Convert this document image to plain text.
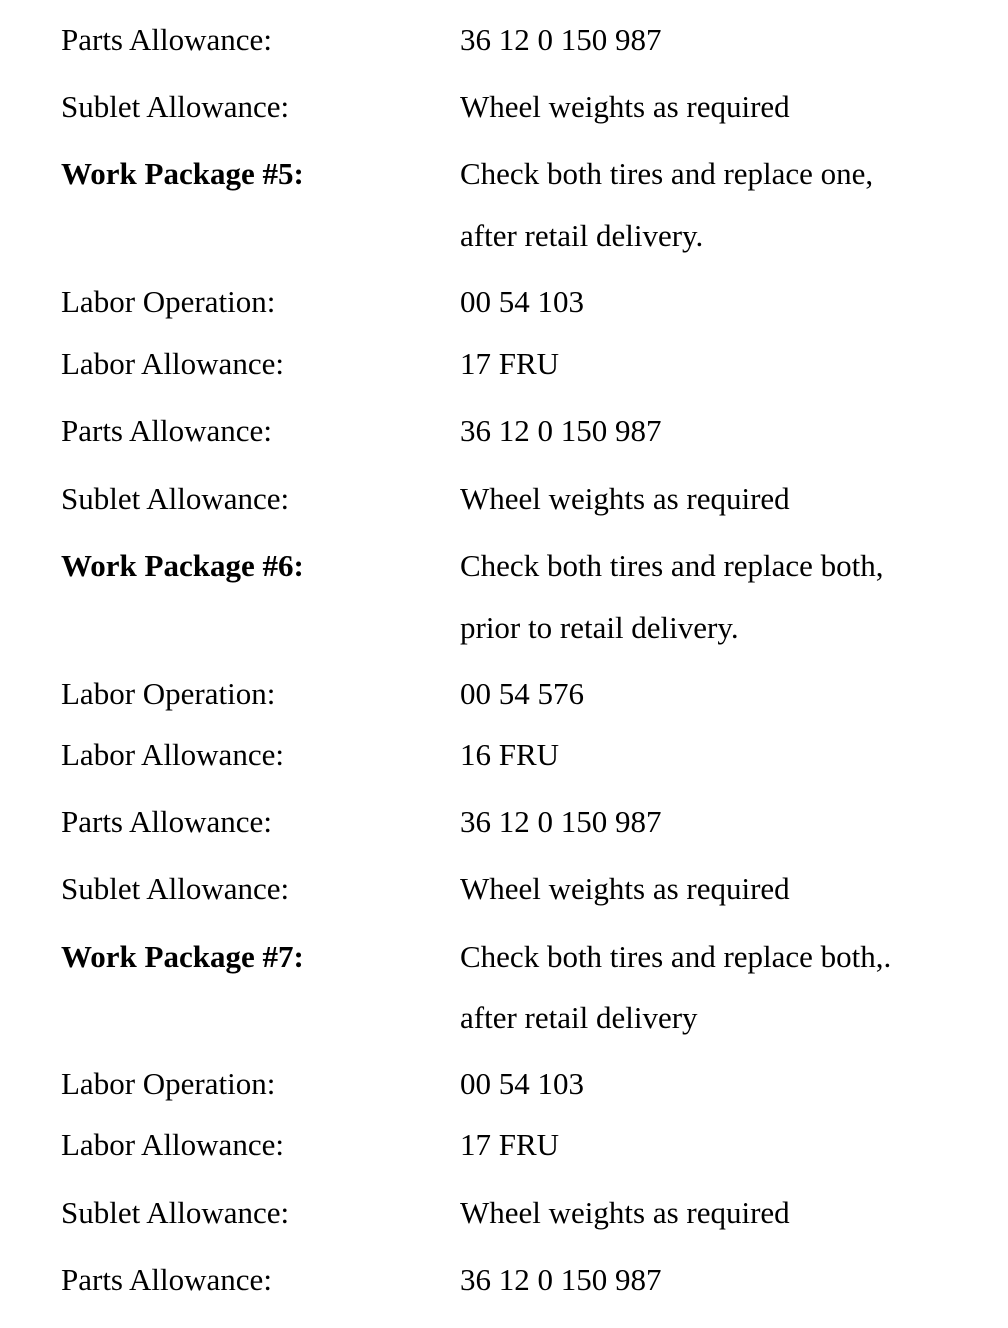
Parts Allowance:	36 12 0 150 987
Sublet Allowance:	Wheel weights as required
Work Package #5:	Check both tires and replace one,
after retail delivery.
Labor Operation:	00 54 103
Labor Allowance:	17 FRU
Parts Allowance:	36 12 0 150 987
Sublet Allowance:	Wheel weights as required
Work Package #6:	Check both tires and replace both,
prior to retail delivery.
Labor Operation:	00 54 576
Labor Allowance:	16 FRU
Parts Allowance:	36 12 0 150 987
Sublet Allowance:	Wheel weights as required
Work Package #7:	Check both tires and replace both,.
after retail delivery
Labor Operation:	00 54 103
Labor Allowance:	17 FRU
Sublet Allowance:	Wheel weights as required
Parts Allowance:	36 12 0 150 987
